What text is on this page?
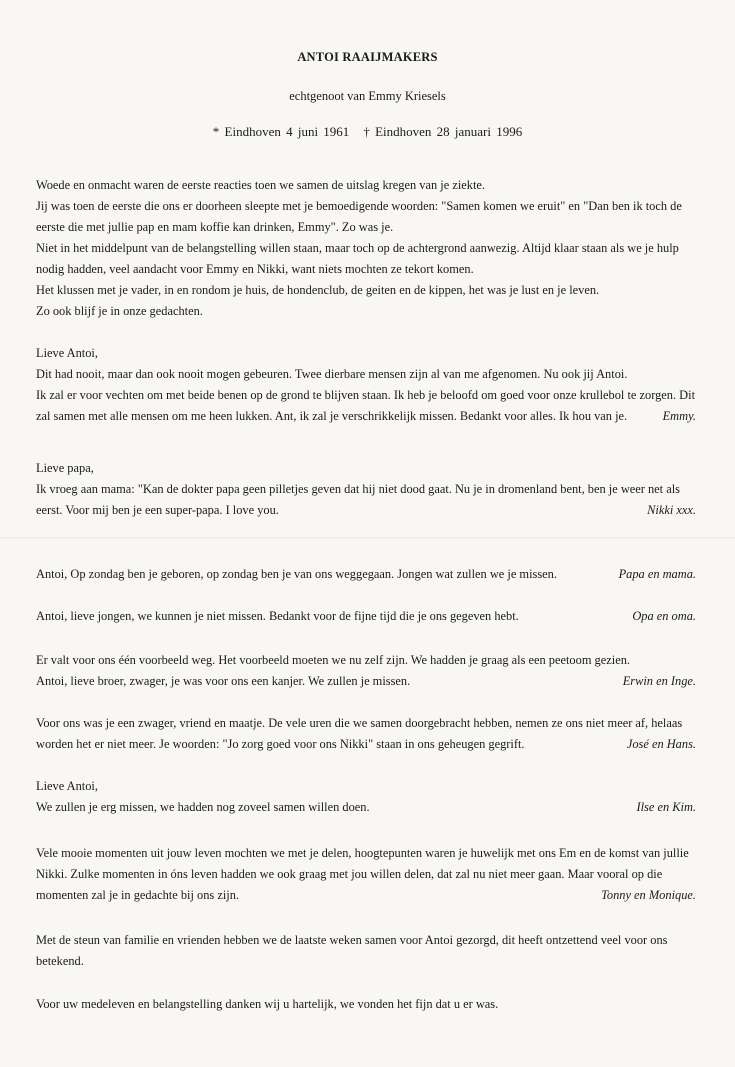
ANTOI RAAIJMAKERS
echtgenoot van Emmy Kriesels
* Eindhoven 4 juni 1961 † Eindhoven 28 januari 1996

Woede en onmacht waren de eerste reacties toen we samen de uitslag kregen van je ziekte.

Jij was toen de eerste die ons er doorheen sleepte met je bemoedigende woorden: "Samen komen we eruit" en "Dan ben ik toch de eerste die met jullie pap en mam koffie kan drinken, Emmy". Zo was je.

Niet in het middelpunt van de belangstelling willen staan, maar toch op de achtergrond aanwezig. Altijd klaar staan als we je hulp nodig hadden, veel aandacht voor Emmy en Nikki, want niets mochten ze tekort komen.

Het klussen met je vader, in en rondom je huis, de hondenclub, de geiten en de kippen, het was je lust en je leven.

Zo ook blijf je in onze gedachten.

Lieve Antoi,

Dit had nooit, maar dan ook nooit mogen gebeuren. Twee dierbare mensen zijn al van me afgenomen. Nu ook jij Antoi.

Ik zal er voor vechten om met beide benen op de grond te blijven staan. Ik heb je beloofd om goed voor onze krullebol te zorgen. Dit zal samen met alle mensen om me heen lukken. Ant, ik zal je verschrikkelijk missen. Bedankt voor alles. Ik hou van je.	Emmy.

Lieve papa,

Ik vroeg aan mama: "Kan de dokter papa geen pilletjes geven dat hij niet dood gaat. Nu je in dromenland bent, ben je weer net als eerst. Voor mij ben je een super-papa. I love you.	Nikki xxx.

Antoi, Op zondag ben je geboren, op zondag ben je van ons weggegaan. Jongen wat zullen we je missen.	Papa en mama.
Antoi, lieve jongen, we kunnen je niet missen. Bedankt voor de fijne tijd die je ons gegeven hebt.	Opa en oma.

Er valt voor ons één voorbeeld weg. Het voorbeeld moeten we nu zelf zijn. We hadden je graag als een peetoom gezien.

Antoi, lieve broer, zwager, je was voor ons een kanjer. We zullen je missen.	Erwin en Inge.

Voor ons was je een zwager, vriend en maatje. De vele uren die we samen doorgebracht hebben, nemen ze ons niet meer af, helaas worden het er niet meer. Je woorden: "Jo zorg goed voor ons Nikki" staan in ons geheugen gegrift.	José en Hans.

Lieve Antoi,

We zullen je erg missen, we hadden nog zoveel samen willen doen.	Ilse en Kim.

Vele mooie momenten uit jouw leven mochten we met je delen, hoogtepunten waren je huwelijk met ons Em en de komst van jullie Nikki. Zulke momenten in óns leven hadden we ook graag met jou willen delen, dat zal nu niet meer gaan. Maar vooral op die momenten zal je in gedachte bij ons zijn.	Tonny en Monique.

Met de steun van familie en vrienden hebben we de laatste weken samen voor Antoi gezorgd, dit heeft ontzettend veel voor ons betekend.

Voor uw medeleven en belangstelling danken wij u hartelijk, we vonden het fijn dat u er was.
